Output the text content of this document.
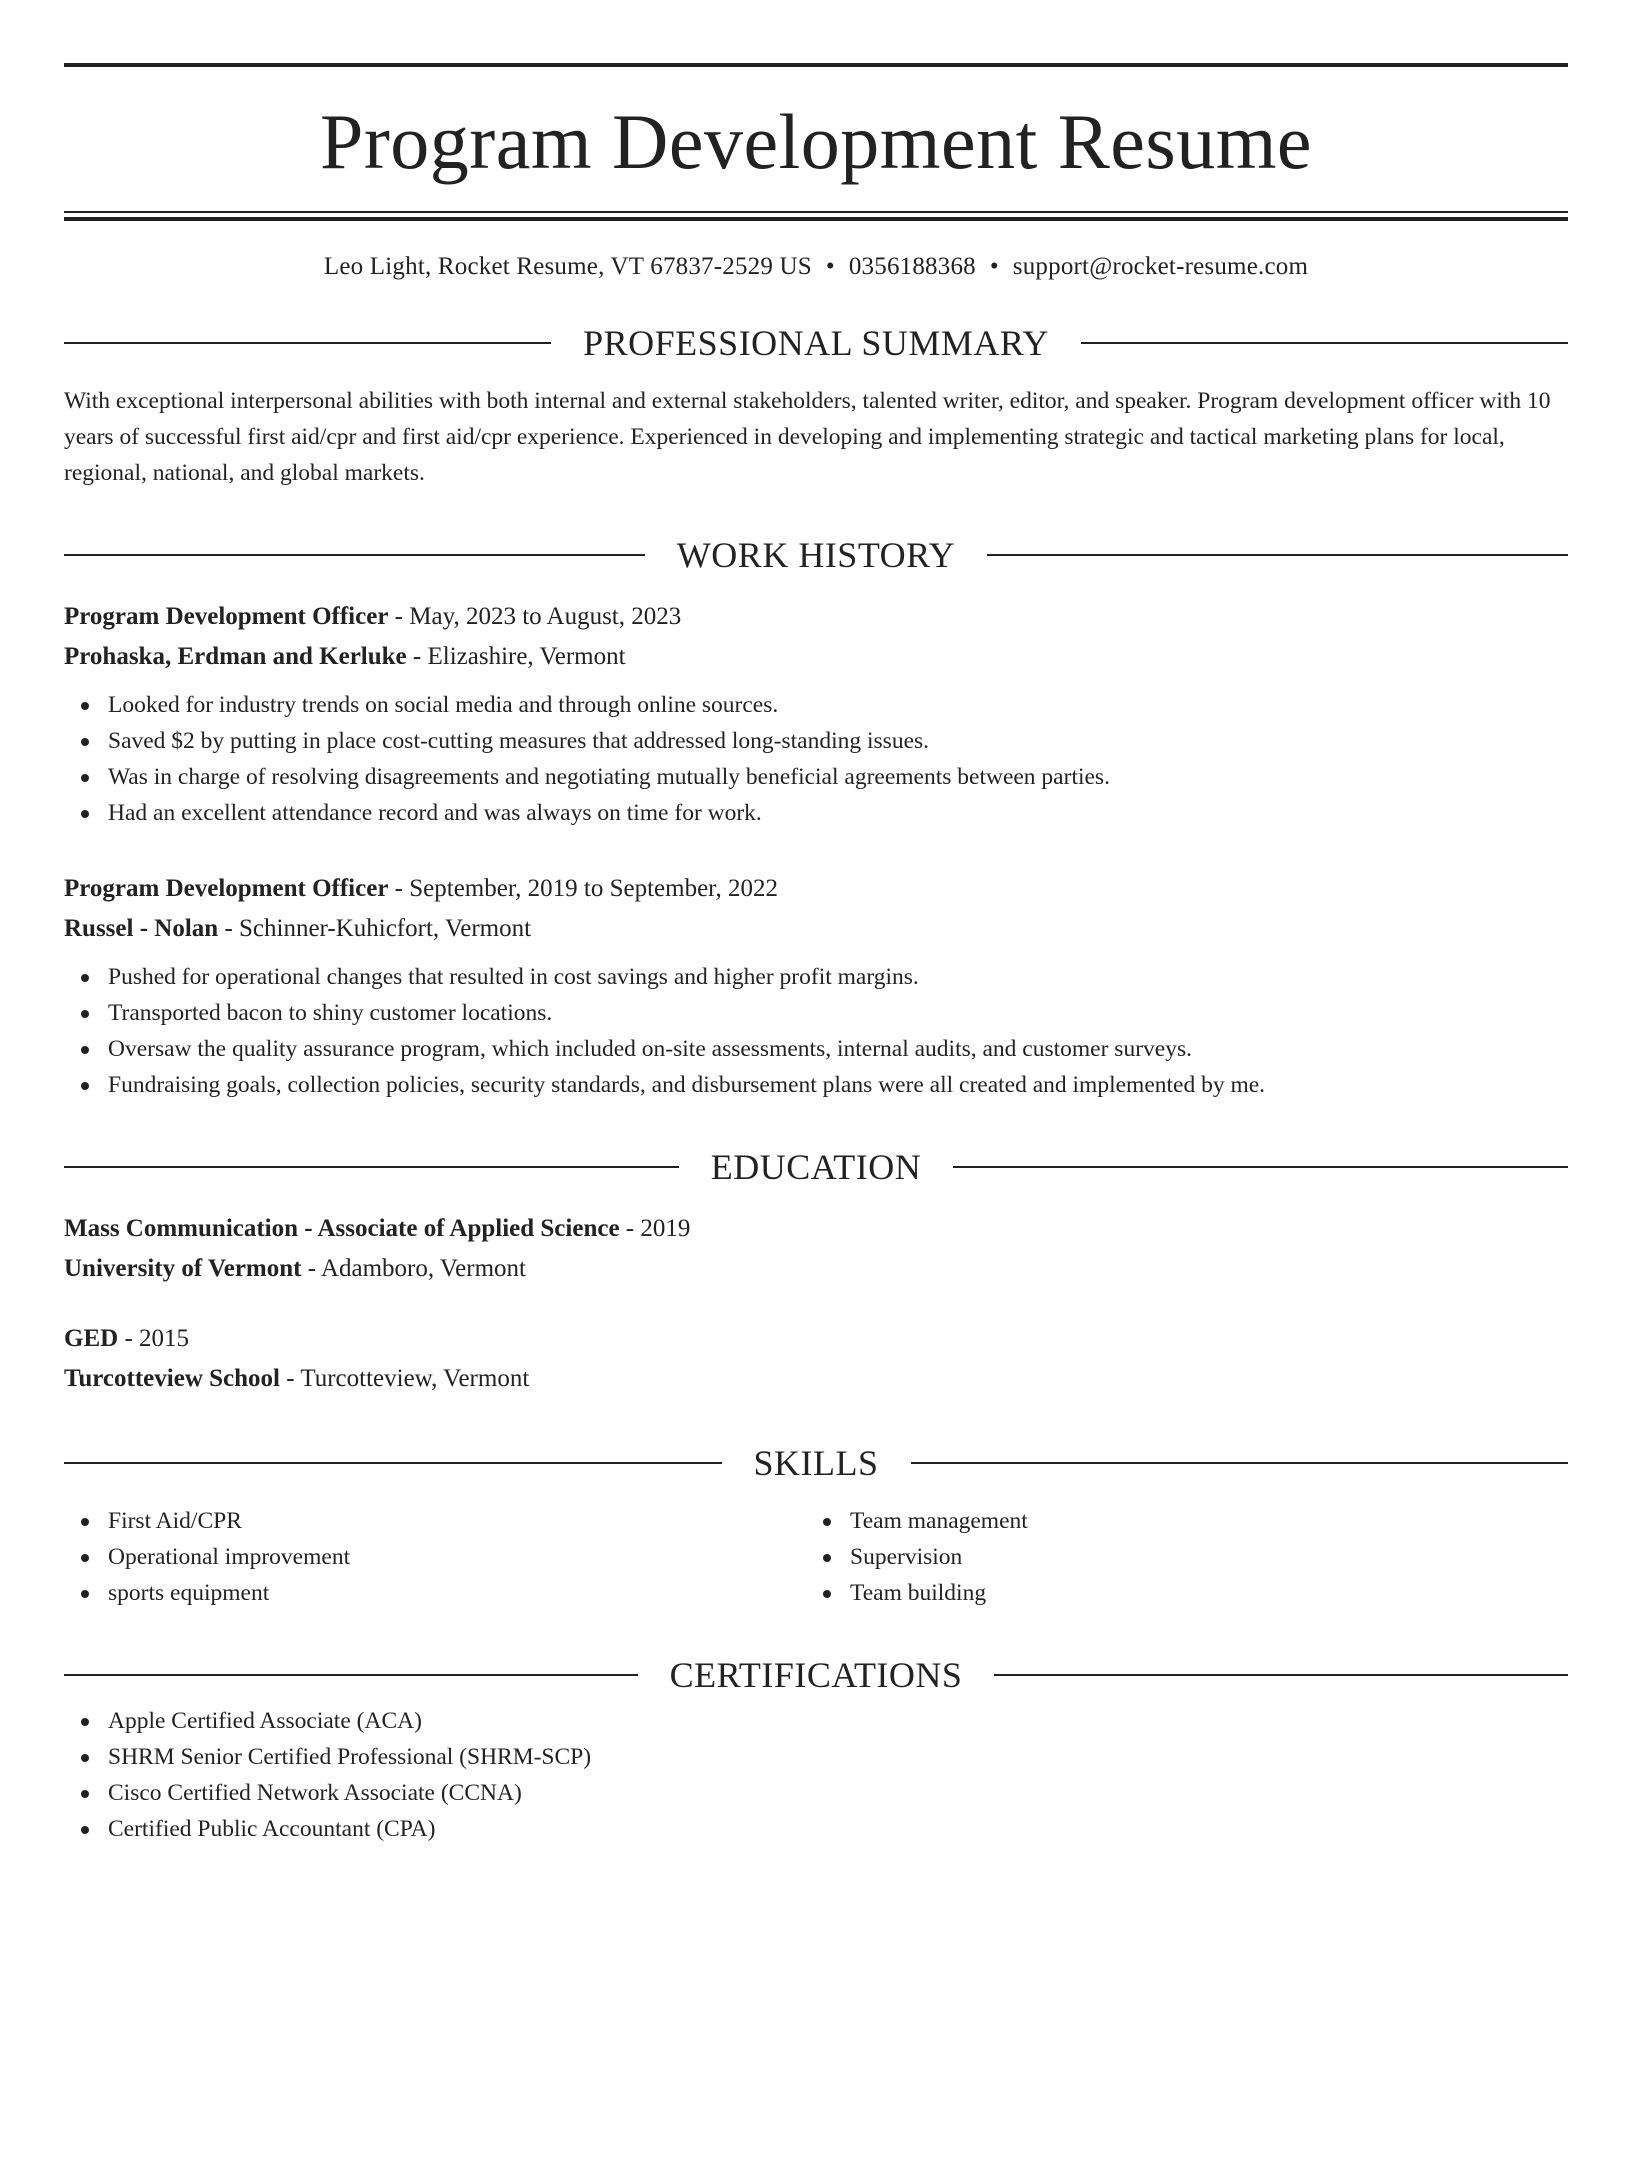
Program Development Resume
Leo Light, Rocket Resume, VT 67837-2529 US • 0356188368 • support@rocket-resume.com
PROFESSIONAL SUMMARY
With exceptional interpersonal abilities with both internal and external stakeholders, talented writer, editor, and speaker. Program development officer with 10 years of successful first aid/cpr and first aid/cpr experience. Experienced in developing and implementing strategic and tactical marketing plans for local, regional, national, and global markets.
WORK HISTORY
Program Development Officer - May, 2023 to August, 2023
Prohaska, Erdman and Kerluke - Elizashire, Vermont
Looked for industry trends on social media and through online sources.
Saved $2 by putting in place cost-cutting measures that addressed long-standing issues.
Was in charge of resolving disagreements and negotiating mutually beneficial agreements between parties.
Had an excellent attendance record and was always on time for work.
Program Development Officer - September, 2019 to September, 2022
Russel - Nolan - Schinner-Kuhicfort, Vermont
Pushed for operational changes that resulted in cost savings and higher profit margins.
Transported bacon to shiny customer locations.
Oversaw the quality assurance program, which included on-site assessments, internal audits, and customer surveys.
Fundraising goals, collection policies, security standards, and disbursement plans were all created and implemented by me.
EDUCATION
Mass Communication - Associate of Applied Science - 2019
University of Vermont - Adamboro, Vermont
GED - 2015
Turcotteview School - Turcotteview, Vermont
SKILLS
First Aid/CPR
Operational improvement
sports equipment
Team management
Supervision
Team building
CERTIFICATIONS
Apple Certified Associate (ACA)
SHRM Senior Certified Professional (SHRM-SCP)
Cisco Certified Network Associate (CCNA)
Certified Public Accountant (CPA)
